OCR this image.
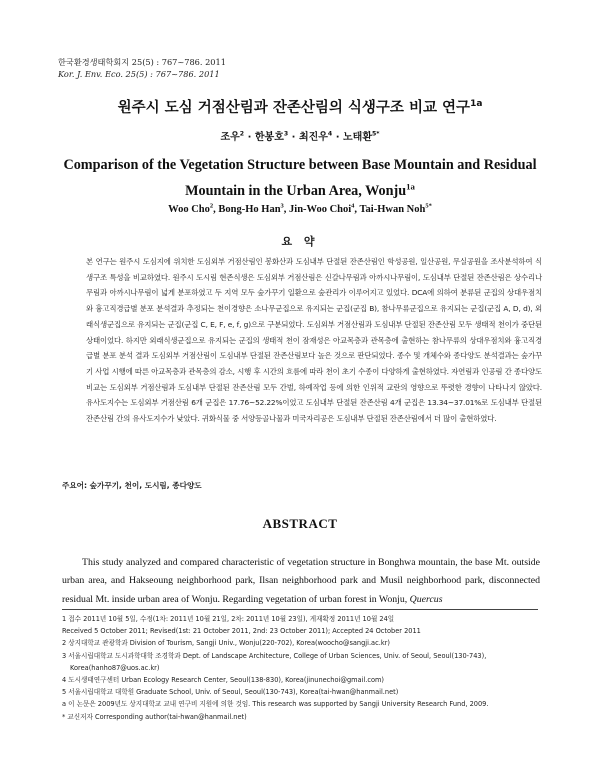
한국환경생태학회지 25(5) : 767~786. 2011
Kor. J. Env. Eco. 25(5) : 767~786. 2011
원주시 도심 거점산림과 잔존산림의 식생구조 비교 연구$^{1a}$
조우$^2$ · 한봉호$^3$ · 최진우$^4$ · 노태환$^{5*}$
Comparison of the Vegetation Structure between Base Mountain and Residual Mountain in the Urban Area, Wonju$^{1a}$
Woo Cho$^2$, Bong-Ho Han$^3$, Jin-Woo Choi$^4$, Tai-Hwan Noh$^{5*}$
요 약
본 연구는 원주시 도심지에 위치한 도심외부 거점산림인 봉화산과 도심내부 단절된 잔존산림인 학성공원, 일산공원, 무실공원을 조사분석하여 식생구조 특성을 비교하였다. 원주시 도시림 현존식생은 도심외부 거점산림은 신갈나무림과 아까시나무림이, 도심내부 단절된 잔존산림은 상수리나무림과 아까시나무림이 넓게 분포하였고 두 지역 모두 숲가꾸기 일환으로 숲관리가 이루어지고 있었다. DCA에 의하여 분류된 군집의 상대우점치와 흉고직경급별 분포 분석결과 추정되는 천이경향은 소나무군집으로 유지되는 군집(군집 B), 참나무류군집으로 유지되는 군집(군집 A, D, d), 외래식생군집으로 유지되는 군집(군집 C, E, F, e, f, g)으로 구분되었다. 도심외부 거점산림과 도심내부 단절된 잔존산림 모두 생태적 천이가 중단된 상태이었다. 하지만 외래식생군집으로 유지되는 군집의 생태적 천이 잠재성은 아교목층과 관목층에 출현하는 참나무류의 상대우점치와 흉고직경급별 분포 분석 결과 도심외부 거점산림이 도심내부 단절된 잔존산림보다 높은 것으로 판단되었다. 종수 및 개체수와 종다양도 분석결과는 숲가꾸기 사업 시행에 따른 아교목층과 관목층의 감소, 시행 후 시간의 흐름에 따라 천이 초기 수종이 다양하게 출현하였다. 자연림과 인공림 간 종다양도 비교는 도심외부 거점산림과 도심내부 단절된 잔존산림 모두 간벌, 하예작업 등에 의한 인위적 교란의 영향으로 뚜렷한 경향이 나타나지 않았다. 유사도지수는 도심외부 거점산림 6개 군집은 17.76~52.22%이었고 도심내부 단절된 잔존산림 4개 군집은 13.34~37.01%로 도심내부 단절된 잔존산림 간의 유사도지수가 낮았다. 귀화식물 중 서양등골나물과 미국자리공은 도심내부 단절된 잔존산림에서 더 많이 출현하였다.
주요어: 숲가꾸기, 천이, 도시림, 종다양도
ABSTRACT
This study analyzed and compared characteristic of vegetation structure in Bonghwa mountain, the base Mt. outside urban area, and Hakseoung neighborhood park, Ilsan neighborhood park and Musil neighborhood park, disconnected residual Mt. inside urban area of Wonju. Regarding vegetation of urban forest in Wonju, Quercus
1 접수 2011년 10월 5일, 수정(1차: 2011년 10월 21일, 2차: 2011년 10월 23일), 게재확정 2011년 10월 24일
Received 5 October 2011; Revised(1st: 21 October 2011, 2nd: 23 October 2011); Accepted 24 October 2011
2 상지대학교 관광학과 Division of Tourism, Sangji Univ., Wonju(220-702), Korea(woocho@sangji.ac.kr)
3 서울시립대학교 도시과학대학 조경학과 Dept. of Landscape Architecture, College of Urban Sciences, Univ. of Seoul, Seoul(130-743), Korea(hanho87@uos.ac.kr)
4 도시생태연구센터 Urban Ecology Research Center, Seoul(138-830), Korea(jinunechoi@gmail.com)
5 서울시립대학교 대학원 Graduate School, Univ. of Seoul, Seoul(130-743), Korea(tai-hwan@hanmail.net)
a 이 논문은 2009년도 상지대학교 교내 연구비 지원에 의한 것임. This research was supported by Sangji University Research Fund, 2009.
* 교신저자 Corresponding author(tai-hwan@hanmail.net)
